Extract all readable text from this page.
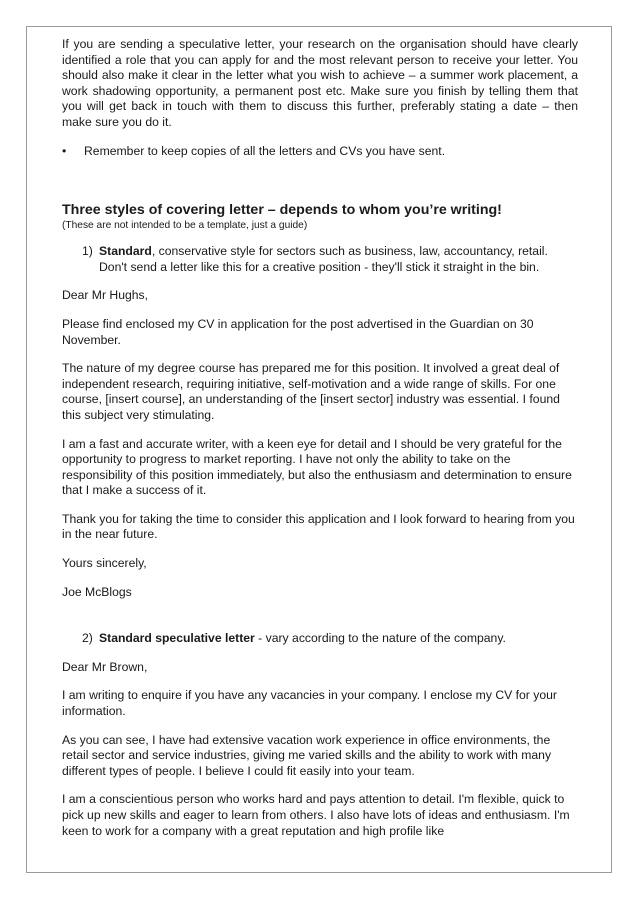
If you are sending a speculative letter, your research on the organisation should have clearly identified a role that you can apply for and the most relevant person to receive your letter. You should also make it clear in the letter what you wish to achieve – a summer work placement, a work shadowing opportunity, a permanent post etc. Make sure you finish by telling them that you will get back in touch with them to discuss this further, preferably stating a date – then make sure you do it.

•	Remember to keep copies of all the letters and CVs you have sent.
Three styles of covering letter – depends to whom you’re writing!
(These are not intended to be a template, just a guide)
1) Standard, conservative style for sectors such as business, law, accountancy, retail. Don't send a letter like this for a creative position - they'll stick it straight in the bin.

Dear Mr Hughs,

Please find enclosed my CV in application for the post advertised in the Guardian on 30 November.

The nature of my degree course has prepared me for this position. It involved a great deal of independent research, requiring initiative, self-motivation and a wide range of skills. For one course, [insert course], an understanding of the [insert sector] industry was essential. I found this subject very stimulating.

I am a fast and accurate writer, with a keen eye for detail and I should be very grateful for the opportunity to progress to market reporting. I have not only the ability to take on the responsibility of this position immediately, but also the enthusiasm and determination to ensure that I make a success of it.

Thank you for taking the time to consider this application and I look forward to hearing from you in the near future.

Yours sincerely,

Joe McBlogs

2) Standard speculative letter - vary according to the nature of the company.

Dear Mr Brown,

I am writing to enquire if you have any vacancies in your company. I enclose my CV for your information.

As you can see, I have had extensive vacation work experience in office environments, the retail sector and service industries, giving me varied skills and the ability to work with many different types of people. I believe I could fit easily into your team.

I am a conscientious person who works hard and pays attention to detail. I'm flexible, quick to pick up new skills and eager to learn from others. I also have lots of ideas and enthusiasm. I'm keen to work for a company with a great reputation and high profile like
